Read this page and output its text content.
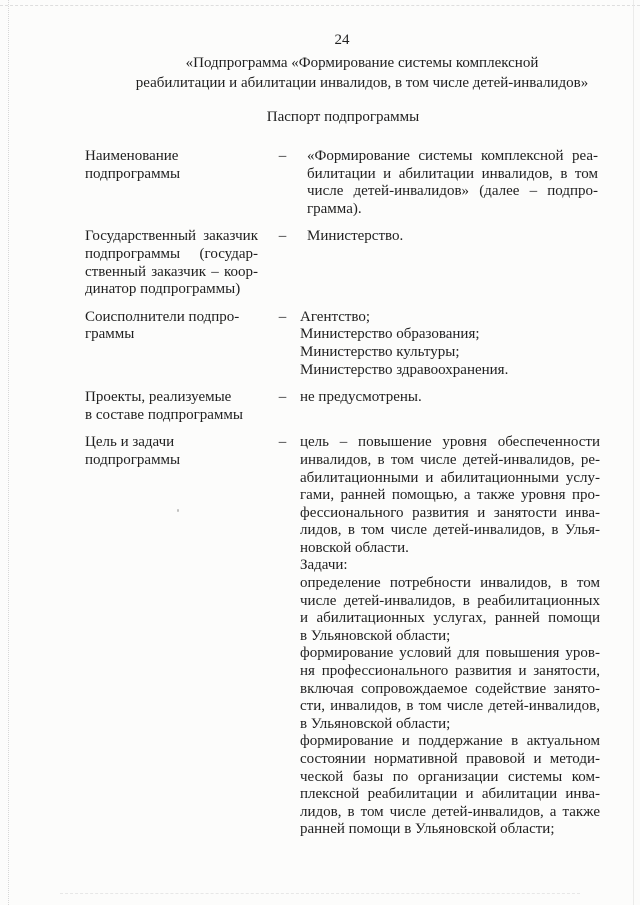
24
«Подпрограмма «Формирование системы комплексной
реабилитации и абилитации инвалидов, в том числе детей-инвалидов»
Паспорт подпрограммы
Наименование
подпрограммы
– «Формирование системы комплексной реа-
билитации и абилитации инвалидов, в том
числе детей-инвалидов» (далее – подпро-
грамма).
Государственный заказчик
подпрограммы (государ-
ственный заказчик – коор-
динатор подпрограммы)
– Министерство.
Соисполнители подпро-
граммы
– Агентство;
Министерство образования;
Министерство культуры;
Министерство здравоохранения.
Проекты, реализуемые
в составе подпрограммы
– не предусмотрены.
Цель и задачи
подпрограммы
– цель – повышение уровня обеспеченности
инвалидов, в том числе детей-инвалидов, ре-
абилитационными и абилитационными услу-
гами, ранней помощью, а также уровня про-
фессионального развития и занятости инва-
лидов, в том числе детей-инвалидов, в Улья-
новской области.
Задачи:
определение потребности инвалидов, в том
числе детей-инвалидов, в реабилитационных
и абилитационных услугах, ранней помощи
в Ульяновской области;
формирование условий для повышения уров-
ня профессионального развития и занятости,
включая сопровождаемое содействие занято-
сти, инвалидов, в том числе детей-инвалидов,
в Ульяновской области;
формирование и поддержание в актуальном
состоянии нормативной правовой и методи-
ческой базы по организации системы ком-
плексной реабилитации и абилитации инва-
лидов, в том числе детей-инвалидов, а также
ранней помощи в Ульяновской области;
